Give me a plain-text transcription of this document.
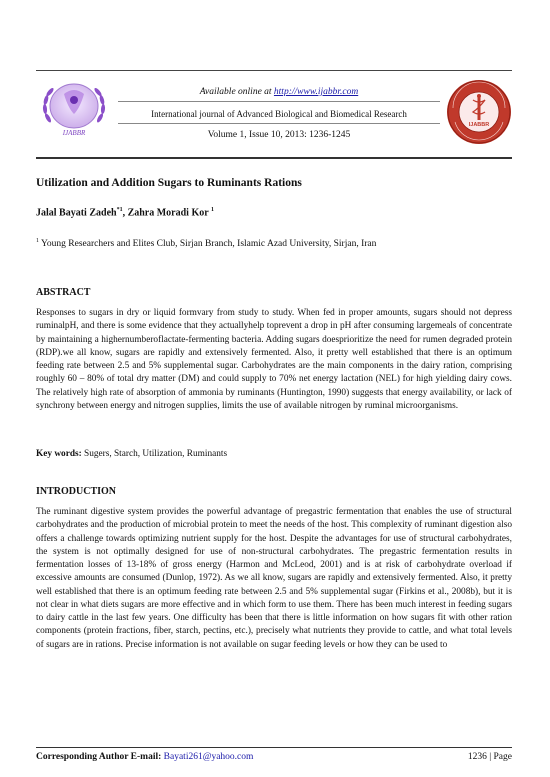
IJABBR
Available online at http://www.ijabbr.com
International journal of Advanced Biological and Biomedical Research
Volume 1, Issue 10, 2013: 1236-1245
IJABBR
Utilization and Addition Sugars to Ruminants Rations
Jalal Bayati Zadeh$^{*1}$, Zahra Moradi Kor $^1$
$^1$ Young Researchers and Elites Club, Sirjan Branch, Islamic Azad University, Sirjan, Iran
ABSTRACT
Responses to sugars in dry or liquid formvary from study to study. When fed in proper amounts, sugars should not depress ruminalpH, and there is some evidence that they actuallyhelp toprevent a drop in pH after consuming largemeals of concentrate by maintaining a highernumberoflactate-fermenting bacteria. Adding sugars doesprioritize the need for rumen degraded protein (RDP).we all know, sugars are rapidly and extensively fermented. Also, it pretty well established that there is an optimum feeding rate between 2.5 and 5% supplemental sugar. Carbohydrates are the main components in the dairy ration, comprising roughly 60 – 80% of total dry matter (DM) and could supply to 70% net energy lactation (NEL) for high yielding dairy cows. The relatively high rate of absorption of ammonia by ruminants (Huntington, 1990) suggests that energy availability, or lack of synchrony between energy and nitrogen supplies, limits the use of available nitrogen by ruminal microorganisms.
Key words: Sugers, Starch, Utilization, Ruminants
INTRODUCTION
The ruminant digestive system provides the powerful advantage of pregastric fermentation that enables the use of structural carbohydrates and the production of microbial protein to meet the needs of the host. This complexity of ruminant digestion also offers a challenge towards optimizing nutrient supply for the host. Despite the advantages for use of structural carbohydrates, the system is not optimally designed for use of non-structural carbohydrates. The pregastric fermentation results in fermentation losses of 13-18% of gross energy (Harmon and McLeod, 2001) and is at risk of carbohydrate overload if excessive amounts are consumed (Dunlop, 1972). As we all know, sugars are rapidly and extensively fermented. Also, it pretty well established that there is an optimum feeding rate between 2.5 and 5% supplemental sugar (Firkins et al., 2008b), but it is not clear in what diets sugars are more effective and in which form to use them. There has been much interest in feeding sugars to dairy cattle in the last few years. One difficulty has been that there is little information on how sugars fit with other ration components (protein fractions, fiber, starch, pectins, etc.), precisely what nutrients they provide to cattle, and what total levels of sugars are in rations. Precise information is not available on sugar feeding levels or how they can be used to
Corresponding Author E-mail: Bayati261@yahoo.com	1236 | Page
